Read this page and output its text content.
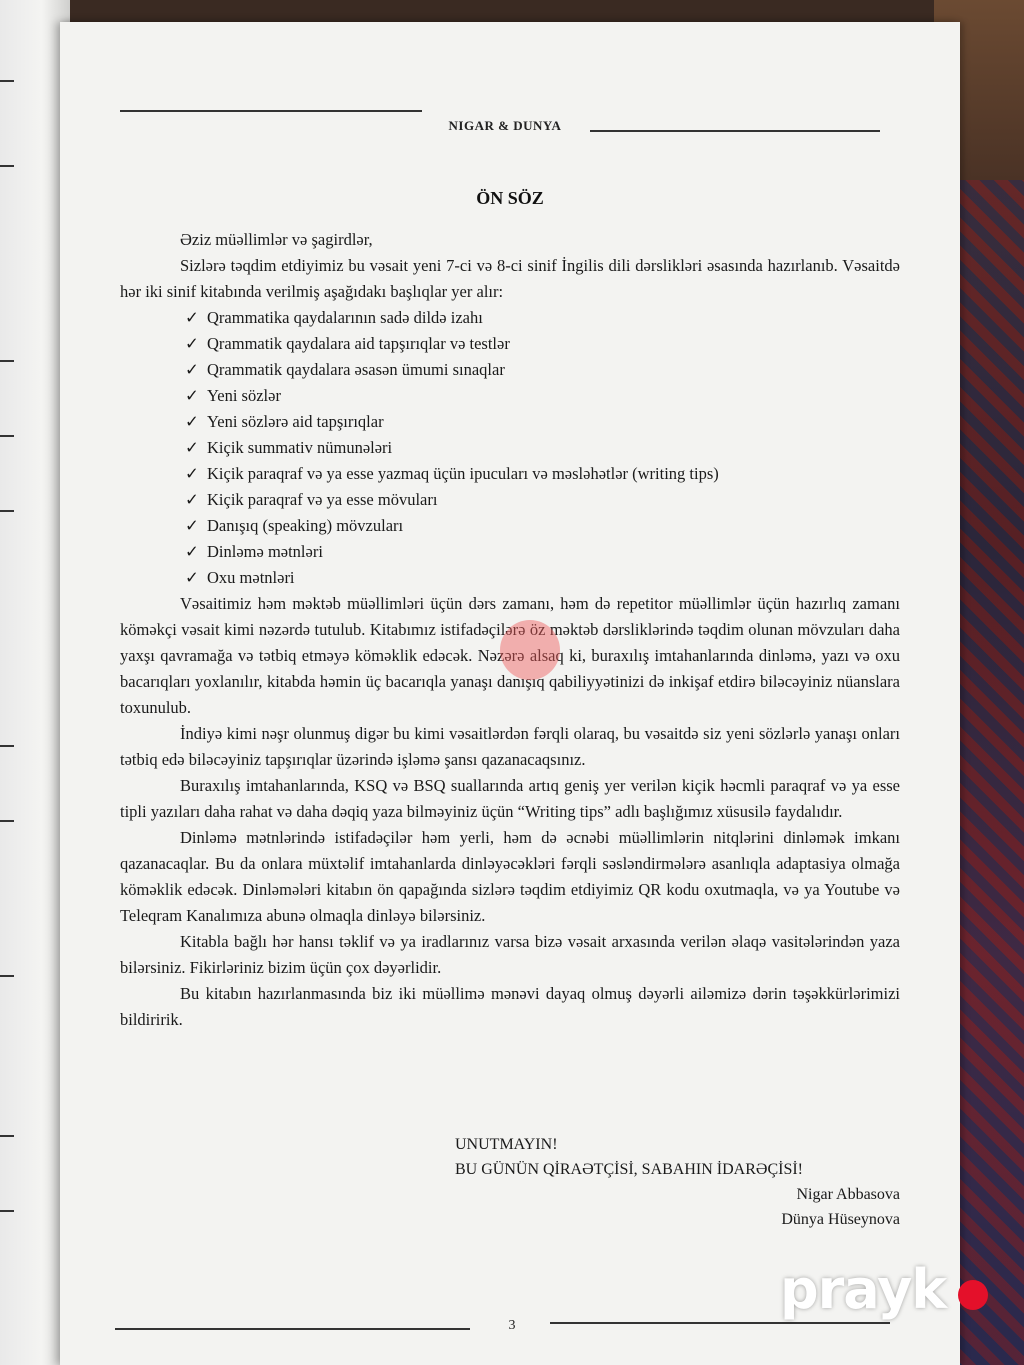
NIGAR & DUNYA
ÖN SÖZ

Əziz müəllimlər və şagirdlər,

Sizlərə təqdim etdiyimiz bu vəsait yeni 7-ci və 8-ci sinif İngilis dili dərslikləri əsasında hazırlanıb. Vəsaitdə hər iki sinif kitabında verilmiş aşağıdakı başlıqlar yer alır:

✓ Qrammatika qaydalarının sadə dildə izahı
✓ Qrammatik qaydalara aid tapşırıqlar və testlər
✓ Qrammatik qaydalara əsasən ümumi sınaqlar
✓ Yeni sözlər
✓ Yeni sözlərə aid tapşırıqlar
✓ Kiçik summativ nümunələri
✓ Kiçik paraqraf və ya esse yazmaq üçün ipucuları və məsləhətlər (writing tips)
✓ Kiçik paraqraf və ya esse mövuları
✓ Danışıq (speaking) mövzuları
✓ Dinləmə mətnləri
✓ Oxu mətnləri

Vəsaitimiz həm məktəb müəllimləri üçün dərs zamanı, həm də repetitor müəllimlər üçün hazırlıq zamanı köməkçi vəsait kimi nəzərdə tutulub. Kitabımız istifadəçilərə öz məktəb dərsliklərində təqdim olunan mövzuları daha yaxşı qavramağa və tətbiq etməyə köməklik edəcək. Nəzərə alsaq ki, buraxılış imtahanlarında dinləmə, yazı və oxu bacarıqları yoxlanılır, kitabda həmin üç bacarıqla yanaşı danışıq qabiliyyətinizi də inkişaf etdirə biləcəyiniz nüanslara toxunulub.

İndiyə kimi nəşr olunmuş digər bu kimi vəsaitlərdən fərqli olaraq, bu vəsaitdə siz yeni sözlərlə yanaşı onları tətbiq edə biləcəyiniz tapşırıqlar üzərində işləmə şansı qazanacaqsınız.

Buraxılış imtahanlarında, KSQ və BSQ suallarında artıq geniş yer verilən kiçik həcmli paraqraf və ya esse tipli yazıları daha rahat və daha dəqiq yaza bilməyiniz üçün “Writing tips” adlı başlığımız xüsusilə faydalıdır.

Dinləmə mətnlərində istifadəçilər həm yerli, həm də əcnəbi müəllimlərin nitqlərini dinləmək imkanı qazanacaqlar. Bu da onlara müxtəlif imtahanlarda dinləyəcəkləri fərqli səsləndirmələrə asanlıqla adaptasiya olmağa köməklik edəcək. Dinləmələri kitabın ön qapağında sizlərə təqdim etdiyimiz QR kodu oxutmaqla, və ya Youtube və Teleqram Kanalımıza abunə olmaqla dinləyə bilərsiniz.

Kitabla bağlı hər hansı təklif və ya iradlarınız varsa bizə vəsait arxasında verilən əlaqə vasitələrindən yaza bilərsiniz. Fikirləriniz bizim üçün çox dəyərlidir.

Bu kitabın hazırlanmasında biz iki müəllimə mənəvi dayaq olmuş dəyərli ailəmizə dərin təşəkkürlərimizi bildiririk.

UNUTMAYIN!
BU GÜNÜN QİRAƏTÇİSİ, SABAHIN İDARƏÇİSİ!
Nigar Abbasova
Dünya Hüseynova
3
prayk
